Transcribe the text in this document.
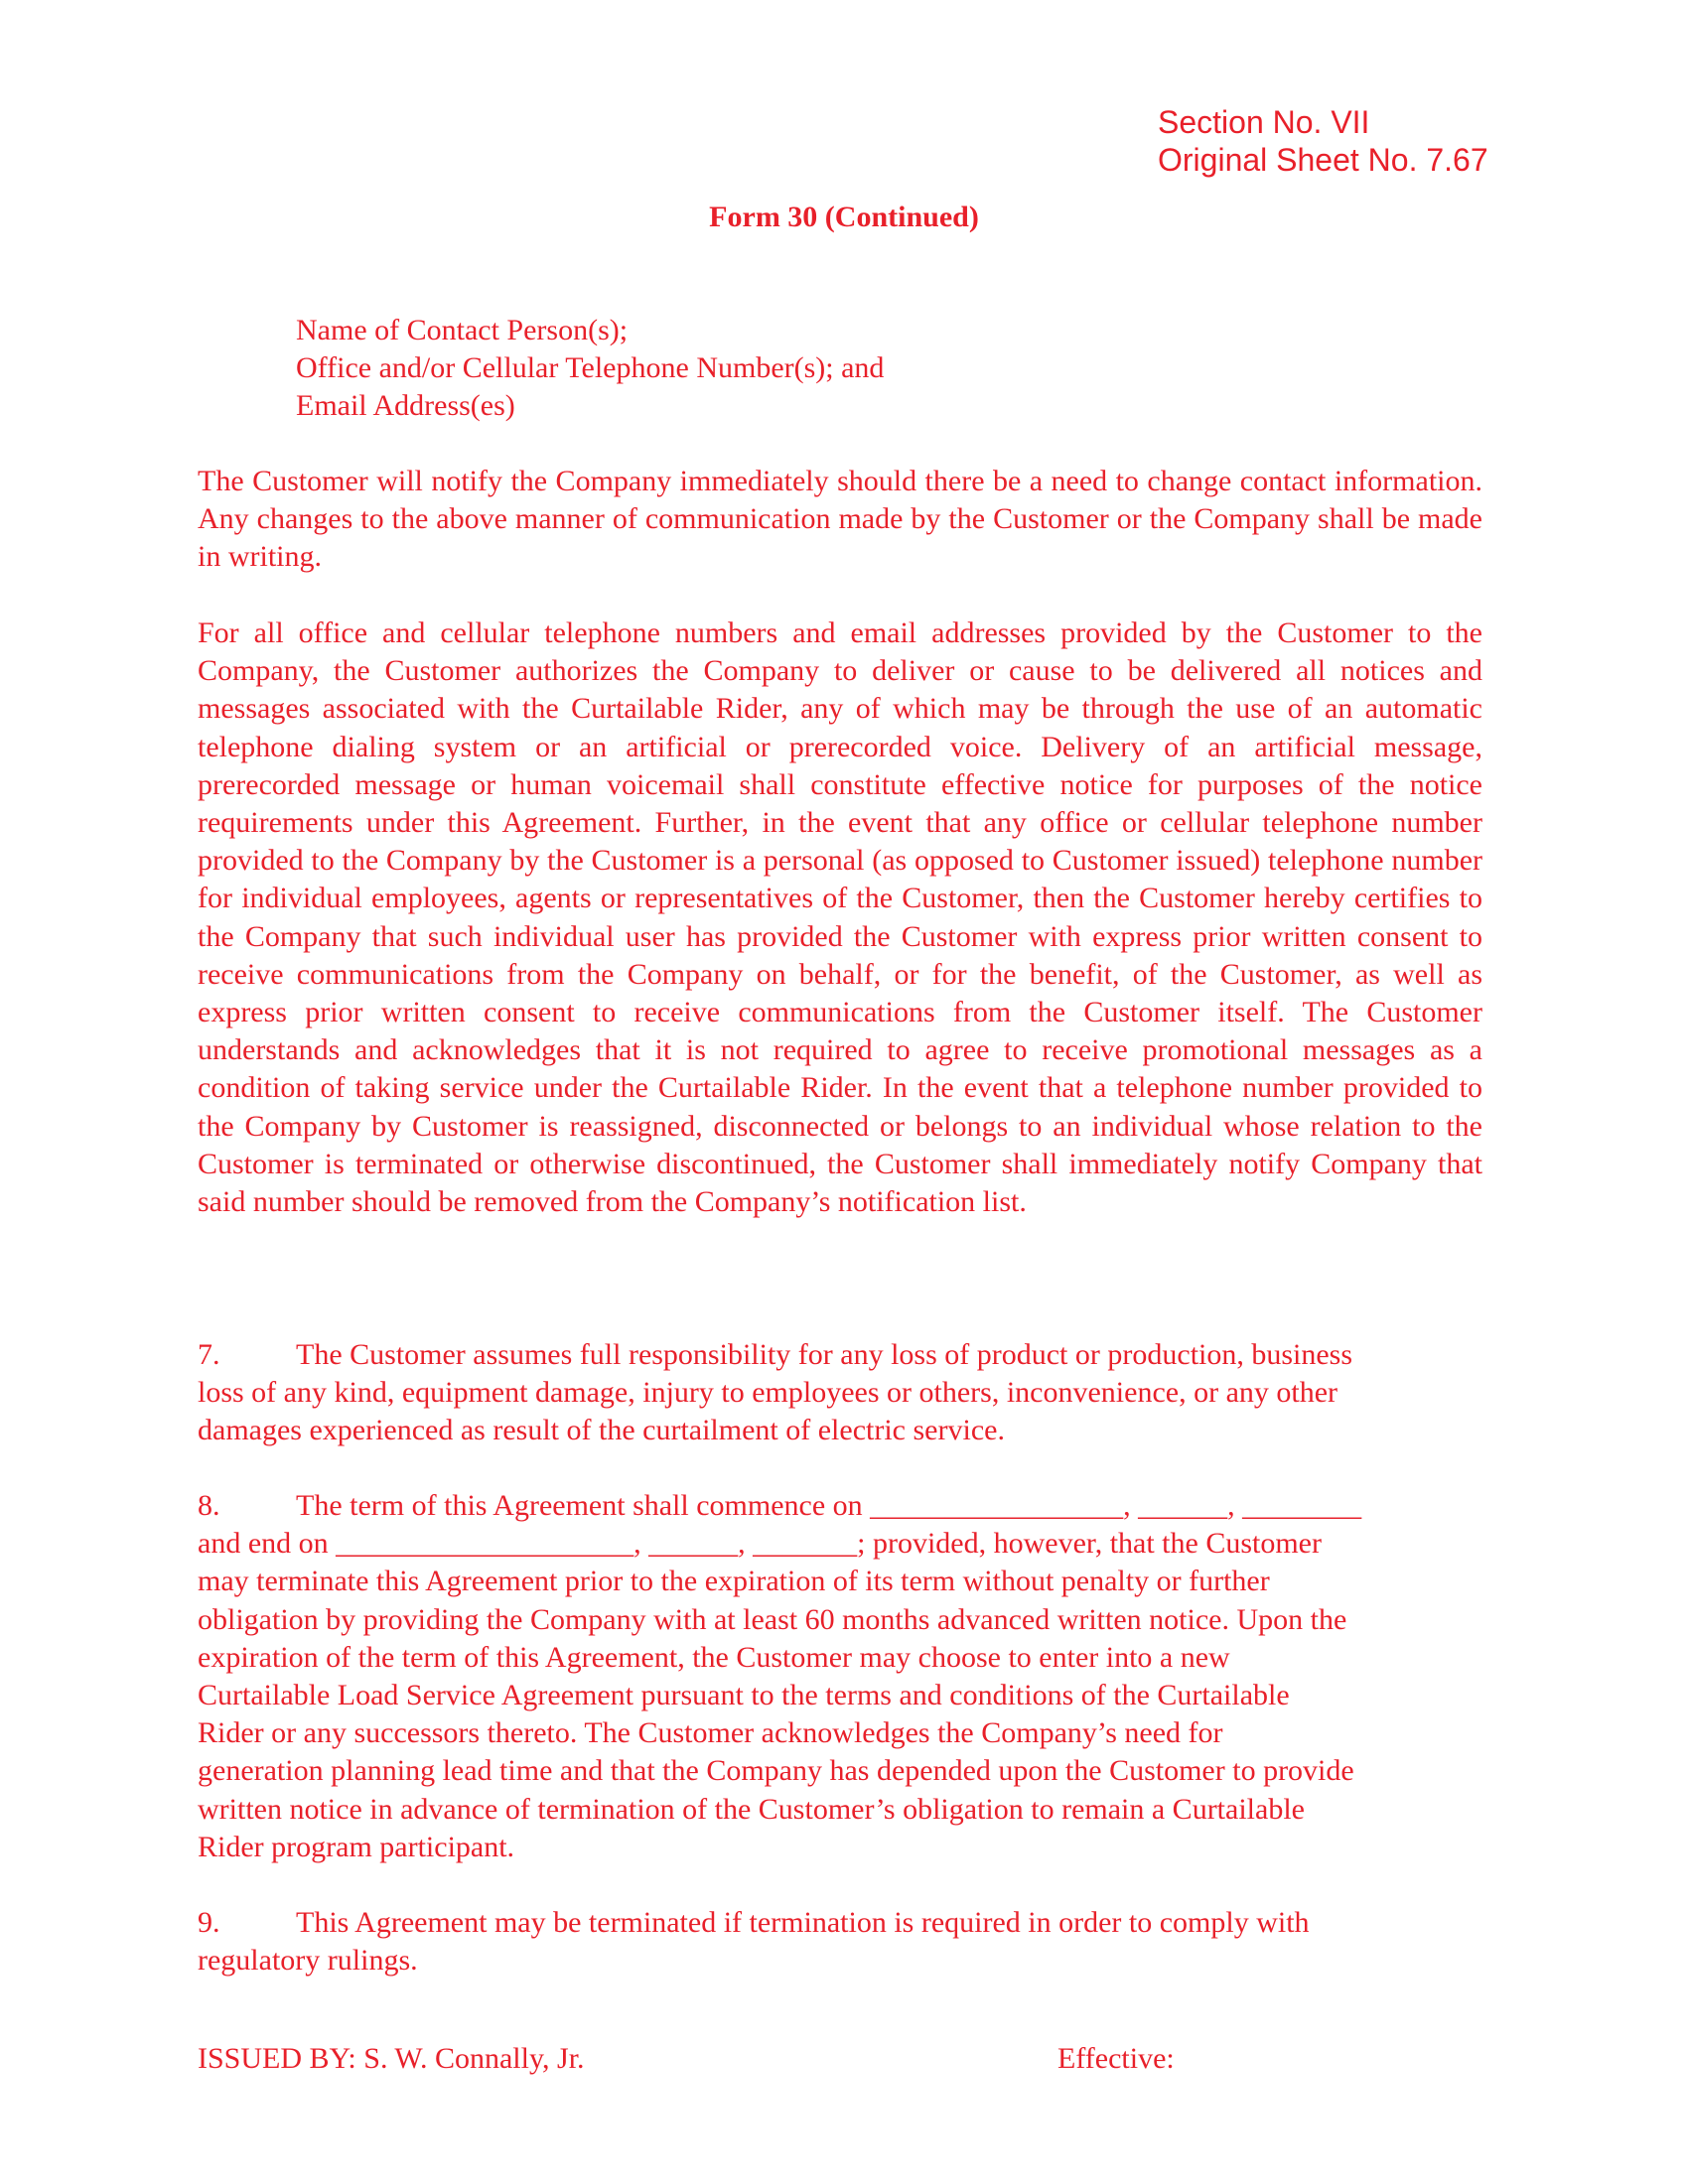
Section No. VII
Original Sheet No. 7.67
Form 30 (Continued)
Name of Contact Person(s);
Office and/or Cellular Telephone Number(s); and
Email Address(es)
The Customer will notify the Company immediately should there be a need to change contact information. Any changes to the above manner of communication made by the Customer or the Company shall be made in writing.
For all office and cellular telephone numbers and email addresses provided by the Customer to the Company, the Customer authorizes the Company to deliver or cause to be delivered all notices and messages associated with the Curtailable Rider, any of which may be through the use of an automatic telephone dialing system or an artificial or prerecorded voice. Delivery of an artificial message, prerecorded message or human voicemail shall constitute effective notice for purposes of the notice requirements under this Agreement. Further, in the event that any office or cellular telephone number provided to the Company by the Customer is a personal (as opposed to Customer issued) telephone number for individual employees, agents or representatives of the Customer, then the Customer hereby certifies to the Company that such individual user has provided the Customer with express prior written consent to receive communications from the Company on behalf, or for the benefit, of the Customer, as well as express prior written consent to receive communications from the Customer itself. The Customer understands and acknowledges that it is not required to agree to receive promotional messages as a condition of taking service under the Curtailable Rider. In the event that a telephone number provided to the Company by Customer is reassigned, disconnected or belongs to an individual whose relation to the Customer is terminated or otherwise discontinued, the Customer shall immediately notify Company that said number should be removed from the Company’s notification list.
7.	The Customer assumes full responsibility for any loss of product or production, business
loss of any kind, equipment damage, injury to employees or others, inconvenience, or any other
damages experienced as result of the curtailment of electric service.
8.	The term of this Agreement shall commence on _________________, ______, ________
and end on ____________________, ______, _______; provided, however, that the Customer
may terminate this Agreement prior to the expiration of its term without penalty or further
obligation by providing the Company with at least 60 months advanced written notice. Upon the
expiration of the term of this Agreement, the Customer may choose to enter into a new
Curtailable Load Service Agreement pursuant to the terms and conditions of the Curtailable
Rider or any successors thereto. The Customer acknowledges the Company’s need for
generation planning lead time and that the Company has depended upon the Customer to provide
written notice in advance of termination of the Customer’s obligation to remain a Curtailable
Rider program participant.
9.	This Agreement may be terminated if termination is required in order to comply with
regulatory rulings.
ISSUED BY: S. W. Connally, Jr.	Effective:
